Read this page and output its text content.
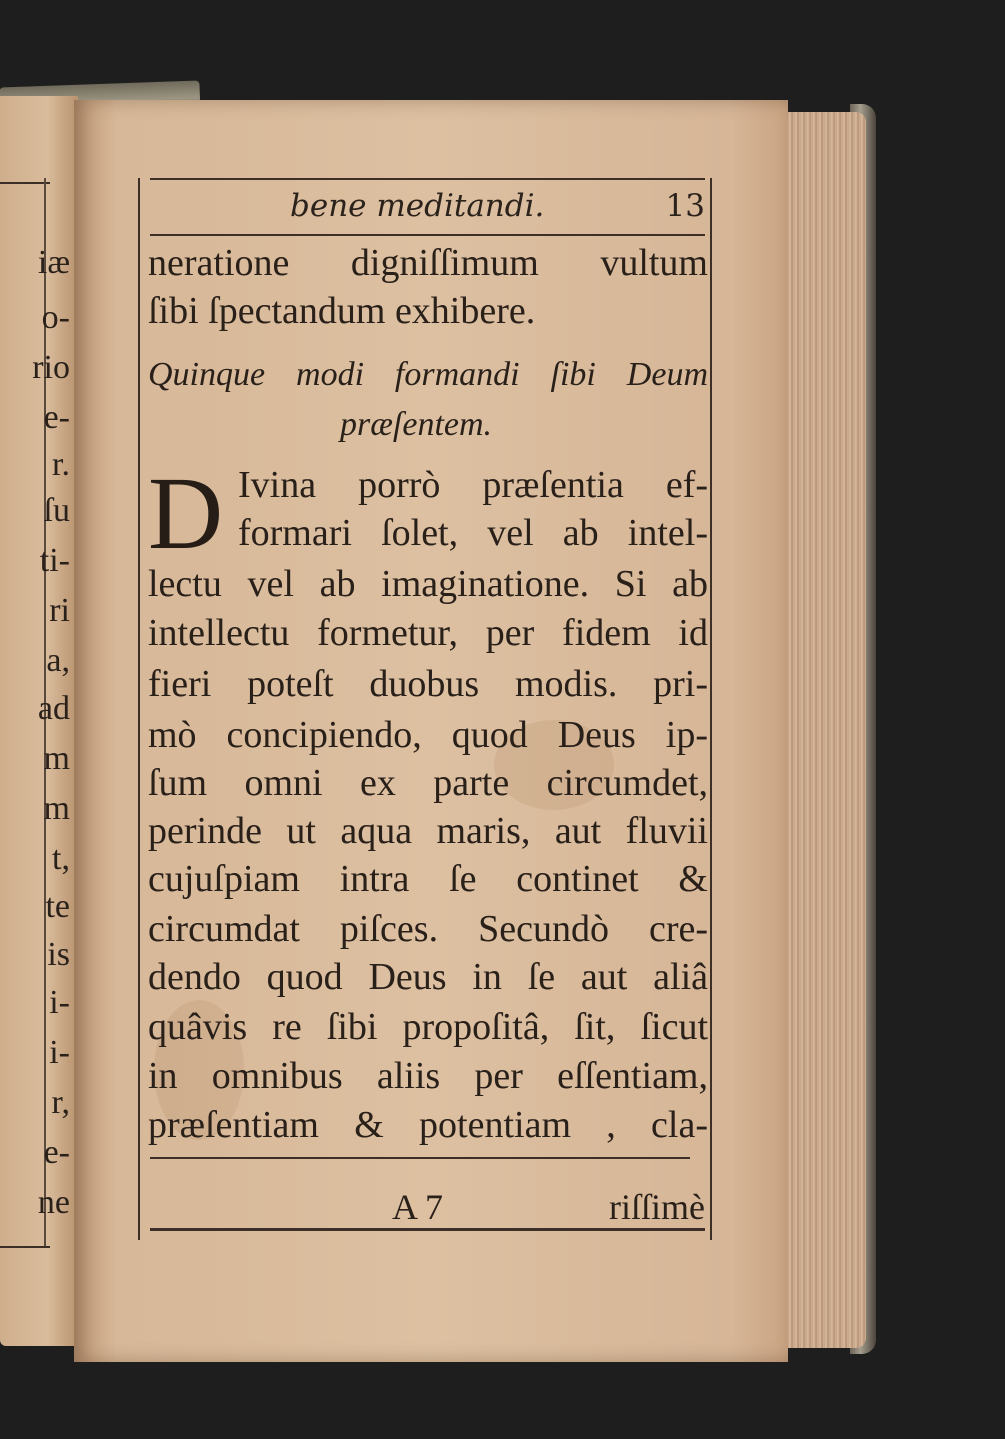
iæ
o-
rio
e-
r.
ſu
ti-
ri
a,
ad
m
m
t,
te
is
i-
i-
r,
e-
ne
bene meditandi.	13
neratione digniſſimum vultum
ſibi ſpectandum exhibere.
Quinque modi formandi ſibi Deum
præſentem.
D Ivina porrò præſentia ef-
formari ſolet, vel ab intel-
lectu vel ab imaginatione. Si ab
intellectu formetur, per fidem id
fieri poteſt duobus modis. pri-
mò concipiendo, quod Deus ip-
ſum omni ex parte circumdet,
perinde ut aqua maris, aut fluvii
cujuſpiam intra ſe continet &
circumdat piſces. Secundò cre-
dendo quod Deus in ſe aut aliâ
quâvis re ſibi propoſitâ, ſit, ſicut
in omnibus aliis per eſſentiam,
præſentiam & potentiam , cla-
A 7	riſſimè
